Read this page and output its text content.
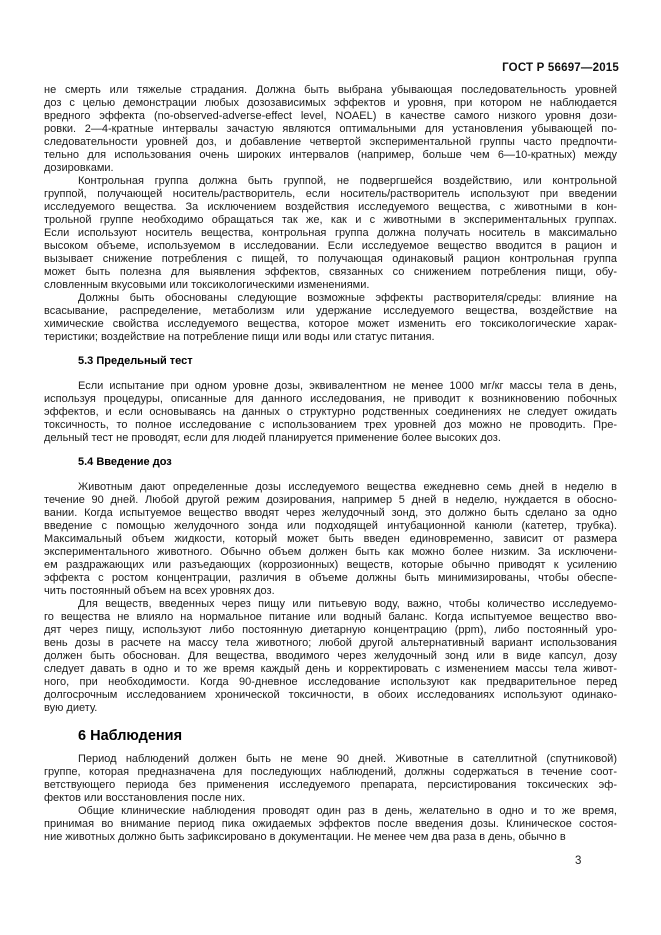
ГОСТ Р 56697—2015
не смерть или тяжелые страдания. Должна быть выбрана убывающая последовательность уровней
доз с целью демонстрации любых дозозависимых эффектов и уровня, при котором не наблюдается
вредного эффекта (no-observed-adverse-effect level, NOAEL) в качестве самого низкого уровня дози-
ровки. 2—4-кратные интервалы зачастую являются оптимальными для установления убывающей по-
следовательности уровней доз, и добавление четвертой экспериментальной группы часто предпочти-
тельно для использования очень широких интервалов (например, больше чем 6—10-кратных) между
дозировками.
Контрольная группа должна быть группой, не подвергшейся воздействию, или контрольной
группой, получающей носитель/растворитель, если носитель/растворитель используют при введении
исследуемого вещества. За исключением воздействия исследуемого вещества, с животными в кон-
трольной группе необходимо обращаться так же, как и с животными в экспериментальных группах.
Если используют носитель вещества, контрольная группа должна получать носитель в максимально
высоком объеме, используемом в исследовании. Если исследуемое вещество вводится в рацион и
вызывает снижение потребления с пищей, то получающая одинаковый рацион контрольная группа
может быть полезна для выявления эффектов, связанных со снижением потребления пищи, обу-
словленным вкусовыми или токсикологическими изменениями.
Должны быть обоснованы следующие возможные эффекты растворителя/среды: влияние на
всасывание, распределение, метаболизм или удержание исследуемого вещества, воздействие на
химические свойства исследуемого вещества, которое может изменить его токсикологические харак-
теристики; воздействие на потребление пищи или воды или статус питания.
5.3 Предельный тест
Если испытание при одном уровне дозы, эквивалентном не менее 1000 мг/кг массы тела в день,
используя процедуры, описанные для данного исследования, не приводит к возникновению побочных
эффектов, и если основываясь на данных о структурно родственных соединениях не следует ожидать
токсичность, то полное исследование с использованием трех уровней доз можно не проводить. Пре-
дельный тест не проводят, если для людей планируется применение более высоких доз.
5.4 Введение доз
Животным дают определенные дозы исследуемого вещества ежедневно семь дней в неделю в
течение 90 дней. Любой другой режим дозирования, например 5 дней в неделю, нуждается в обосно-
вании. Когда испытуемое вещество вводят через желудочный зонд, это должно быть сделано за одно
введение с помощью желудочного зонда или подходящей интубационной канюли (катетер, трубка).
Максимальный объем жидкости, который может быть введен единовременно, зависит от размера
экспериментального животного. Обычно объем должен быть как можно более низким. За исключени-
ем раздражающих или разъедающих (коррозионных) веществ, которые обычно приводят к усилению
эффекта с ростом концентрации, различия в объеме должны быть минимизированы, чтобы обеспе-
чить постоянный объем на всех уровнях доз.
Для веществ, введенных через пищу или питьевую воду, важно, чтобы количество исследуемо-
го вещества не влияло на нормальное питание или водный баланс. Когда испытуемое вещество вво-
дят через пищу, используют либо постоянную диетарную концентрацию (ppm), либо постоянный уро-
вень дозы в расчете на массу тела животного; любой другой альтернативный вариант использования
должен быть обоснован. Для вещества, вводимого через желудочный зонд или в виде капсул, дозу
следует давать в одно и то же время каждый день и корректировать с изменением массы тела живот-
ного, при необходимости. Когда 90-дневное исследование используют как предварительное перед
долгосрочным исследованием хронической токсичности, в обоих исследованиях используют одинако-
вую диету.
6 Наблюдения
Период наблюдений должен быть не мене 90 дней. Животные в сателлитной (спутниковой)
группе, которая предназначена для последующих наблюдений, должны содержаться в течение соот-
ветствующего периода без применения исследуемого препарата, персистирования токсических эф-
фектов или восстановления после них.
Общие клинические наблюдения проводят один раз в день, желательно в одно и то же время,
принимая во внимание период пика ожидаемых эффектов после введения дозы. Клиническое состоя-
ние животных должно быть зафиксировано в документации. Не менее чем два раза в день, обычно в
3
